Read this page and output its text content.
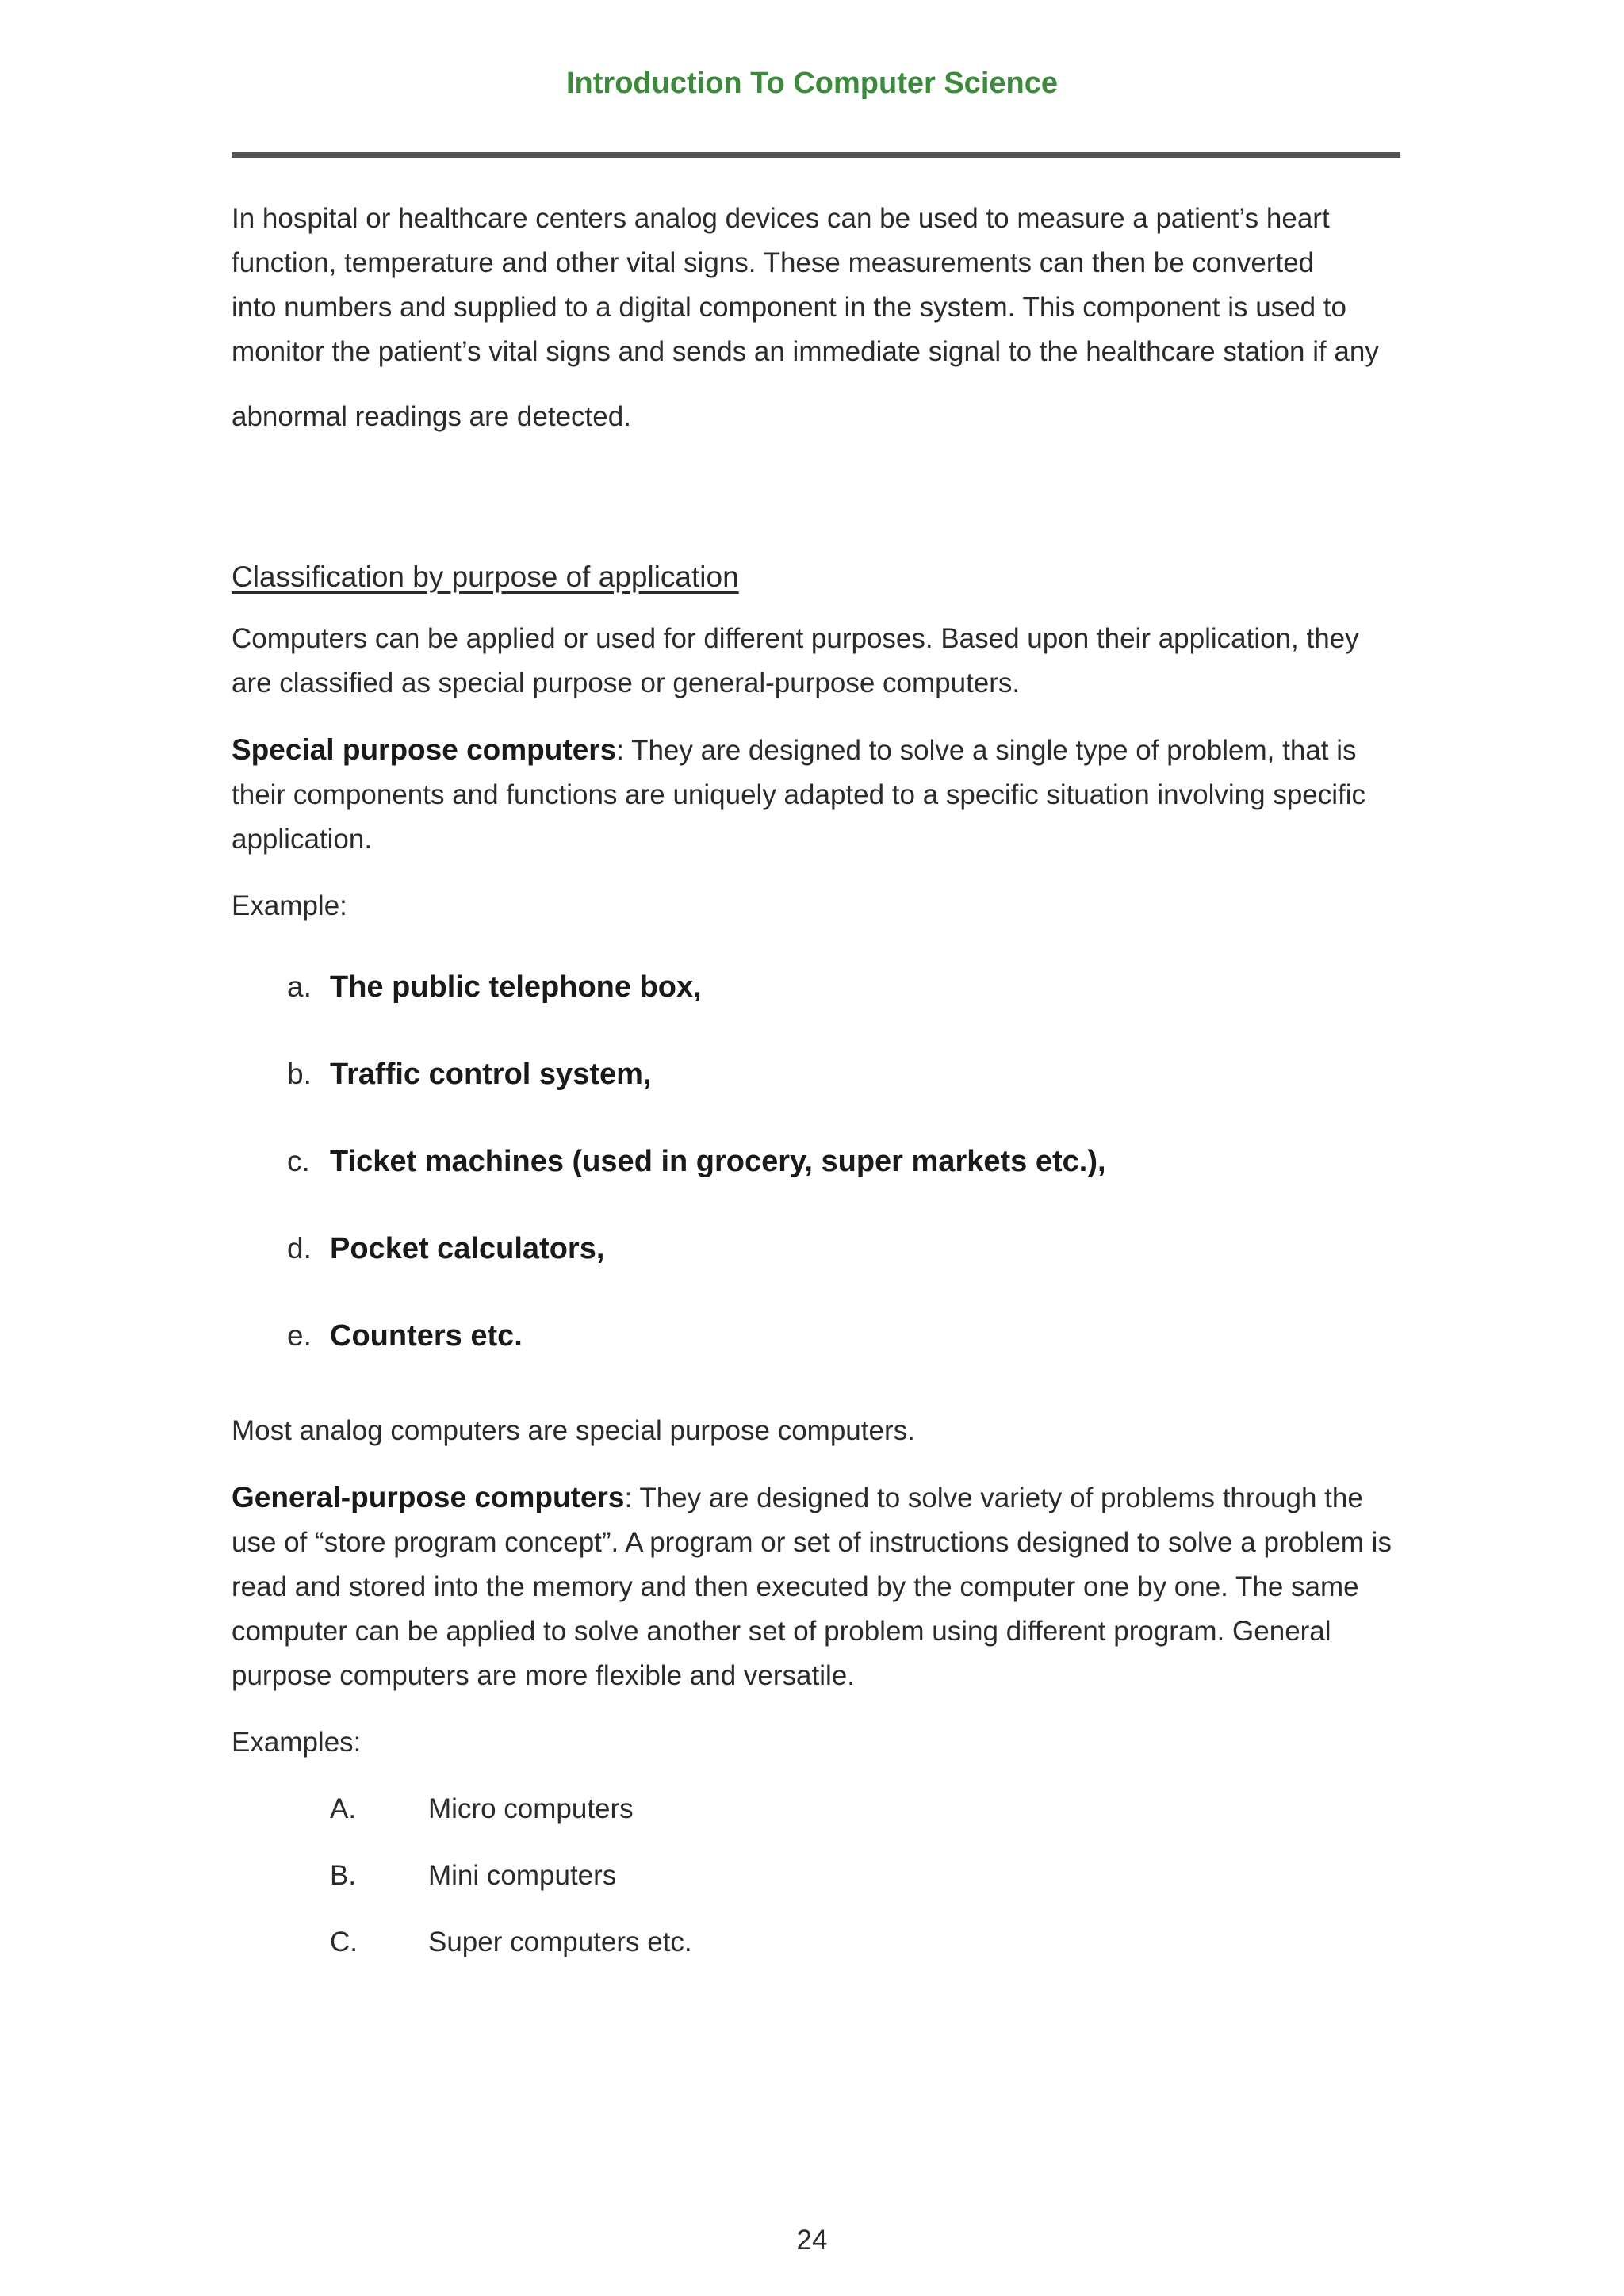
Introduction To Computer Science
In hospital or healthcare centers analog devices can be used to measure a patient’s heart
function, temperature and other vital signs. These measurements can then be converted
into numbers and supplied to a digital component in the system. This component is used to
monitor the patient’s vital signs and sends an immediate signal to the healthcare station if any
abnormal readings are detected.

Classification by purpose of application

Computers can be applied or used for different purposes. Based upon their application, they are classified as special purpose or general-purpose computers.

Special purpose computers: They are designed to solve a single type of problem, that is their components and functions are uniquely adapted to a specific situation involving specific application.

Example:

a. The public telephone box,
b. Traffic control system,
c. Ticket machines (used in grocery, super markets etc.),
d. Pocket calculators,
e. Counters etc.

Most analog computers are special purpose computers.

General-purpose computers: They are designed to solve variety of problems through the use of “store program concept”. A program or set of instructions designed to solve a problem is read and stored into the memory and then executed by the computer one by one. The same computer can be applied to solve another set of problem using different program. General purpose computers are more flexible and versatile.

Examples:

A.	Micro computers
B.	Mini computers
C.	Super computers etc.
24
